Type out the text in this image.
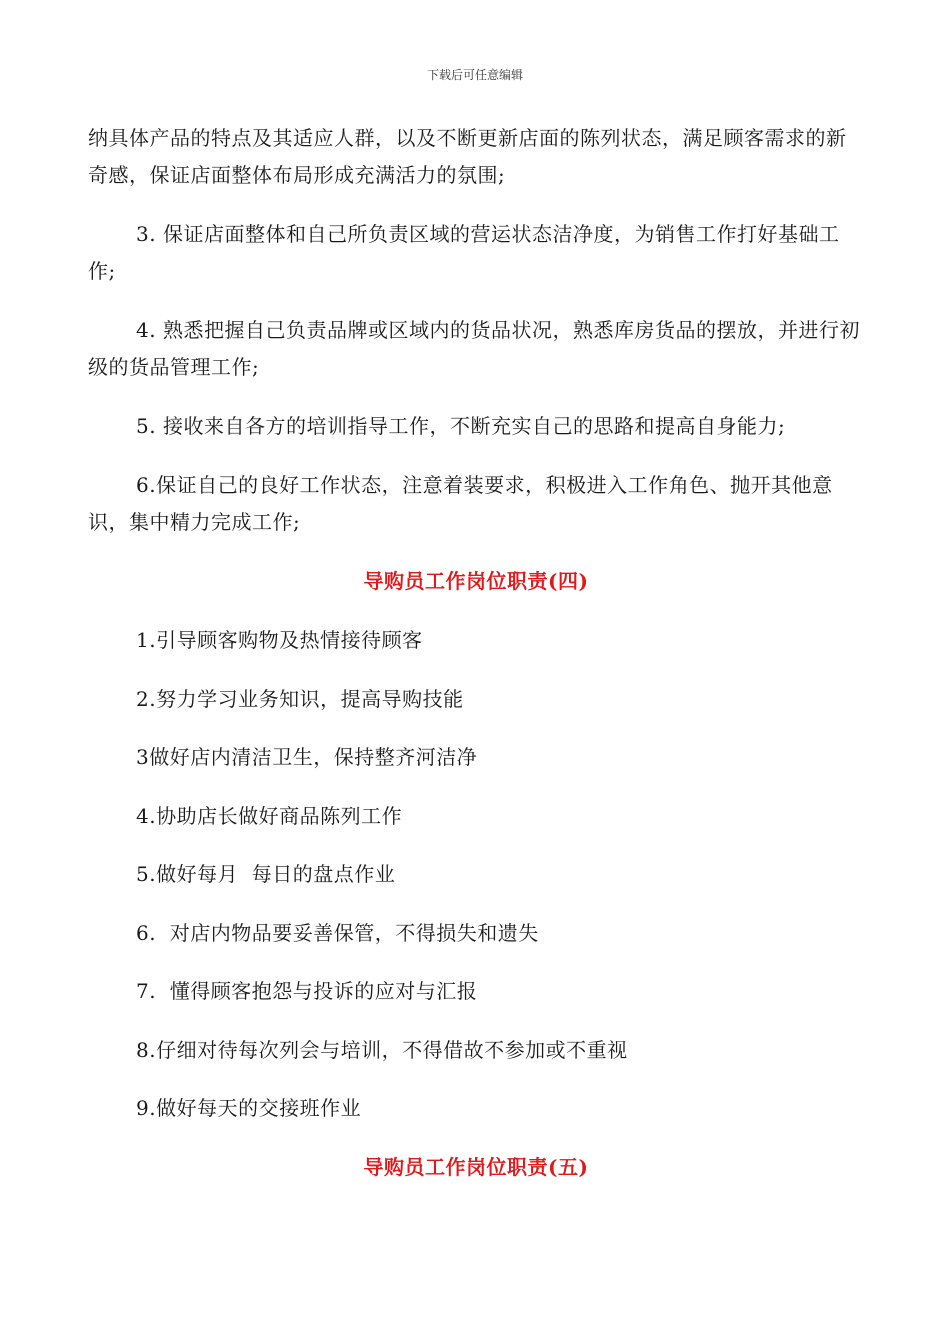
下载后可任意编辑

纳具体产品的特点及其适应人群，以及不断更新店面的陈列状态，满足顾客需求的新奇感，保证店面整体布局形成充满活力的氛围;

3. 保证店面整体和自己所负责区域的营运状态洁净度，为销售工作打好基础工作;

4. 熟悉把握自己负责品牌或区域内的货品状况，熟悉库房货品的摆放，并进行初级的货品管理工作;

5. 接收来自各方的培训指导工作，不断充实自己的思路和提高自身能力;

6.保证自己的良好工作状态，注意着装要求，积极进入工作角色、抛开其他意识，集中精力完成工作;

导购员工作岗位职责(四)
1.引导顾客购物及热情接待顾客
2.努力学习业务知识，提高导购技能
3做好店内清洁卫生，保持整齐河洁净
4.协助店长做好商品陈列工作
5.做好每月  每日的盘点作业
6.  对店内物品要妥善保管，不得损失和遗失
7.  懂得顾客抱怨与投诉的应对与汇报
8.仔细对待每次列会与培训，不得借故不参加或不重视
9.做好每天的交接班作业
导购员工作岗位职责(五)
